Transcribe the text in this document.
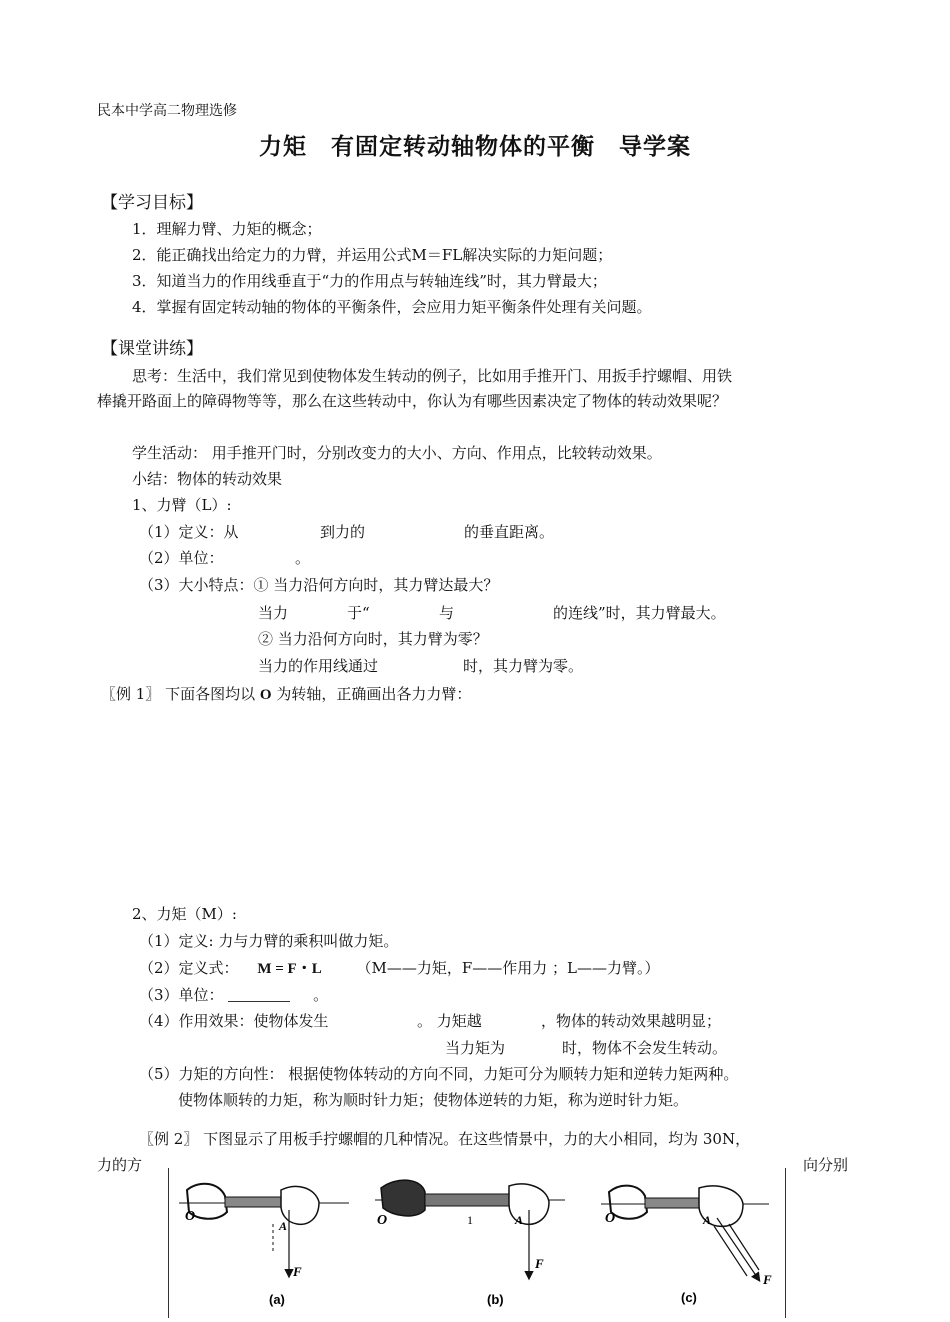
民本中学高二物理选修
力矩　有固定转动轴物体的平衡　导学案
【学习目标】
1．理解力臂、力矩的概念；
2．能正确找出给定力的力臂，并运用公式M＝FL解决实际的力矩问题；
3．知道当力的作用线垂直于“力的作用点与转轴连线”时，其力臂最大；
4．掌握有固定转动轴的物体的平衡条件，会应用力矩平衡条件处理有关问题。
【课堂讲练】
思考：生活中，我们常见到使物体发生转动的例子，比如用手推开门、用扳手拧螺帽、用铁
棒撬开路面上的障碍物等等，那么在这些转动中，你认为有哪些因素决定了物体的转动效果呢？
学生活动： 用手推开门时，分别改变力的大小、方向、作用点，比较转动效果。
小结：物体的转动效果
1、力臂（L）:
（1）定义：从	到力的	的垂直距离。
（2）单位：	。
（3）大小特点：① 当力沿何方向时，其力臂达最大？
当力	于“	与	的连线”时，其力臂最大。
② 当力沿何方向时，其力臂为零？
当力的作用线通过	时，其力臂为零。
〖例 1〗 下面各图均以 O 为转轴，正确画出各力力臂：
2、力矩（M）:
（1）定义: 力与力臂的乘积叫做力矩。
（2）定义式： M = F・L （M——力矩，F——作用力 ；L——力臂。）
（3）单位：	。
（4）作用效果：使物体发生	。 力矩越	，物体的转动效果越明显；
当力矩为	时，物体不会发生转动。
（5）力矩的方向性： 根据使物体转动的方向不同，力矩可分为顺转力矩和逆转力矩两种。
使物体顺转的力矩，称为顺时针力矩；使物体逆转的力矩，称为逆时针力矩。
〖例 2〗 下图显示了用板手拧螺帽的几种情况。在这些情景中，力的大小相同，均为 30N，
力的方	向分别
O
A
F
(a)
O	A
F
1
(b)
O	A
F
(c)
